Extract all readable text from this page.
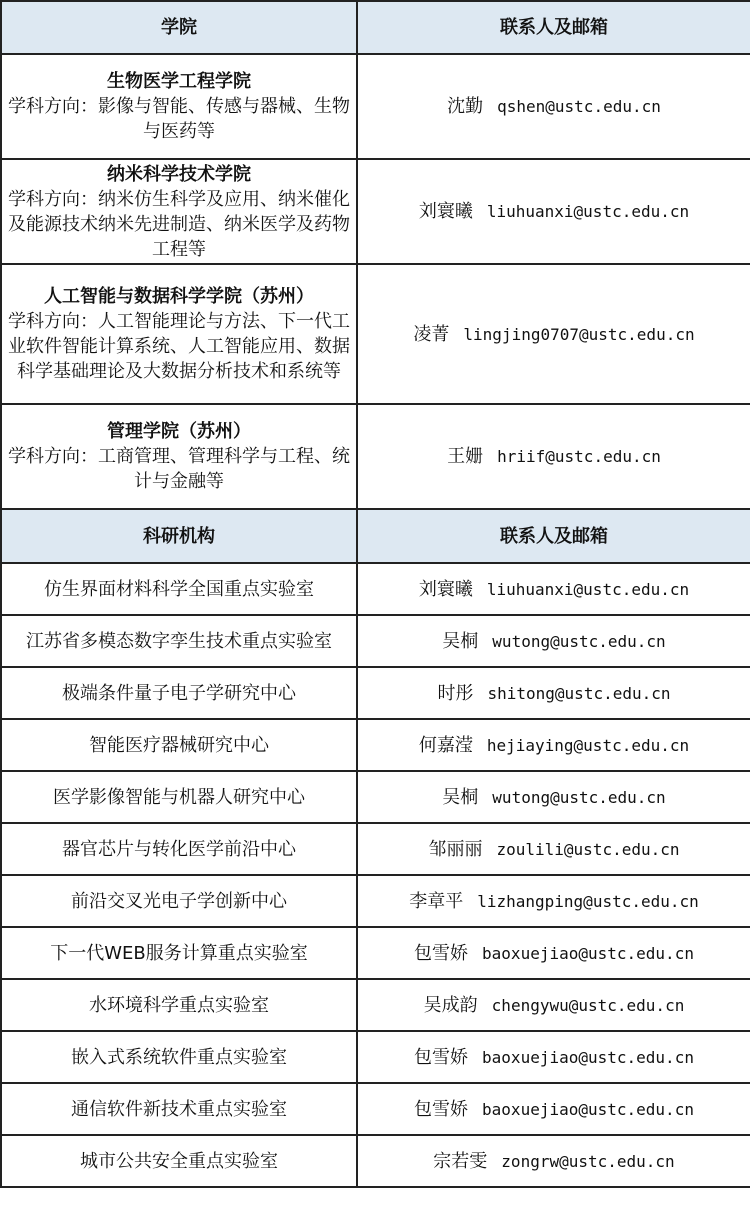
学院	联系人及邮箱

生物医学工程学院
学科方向：影像与智能、传感与器械、生物与医药等	沈勤 qshen@ustc.edu.cn

纳米科学技术学院
学科方向：纳米仿生科学及应用、纳米催化及能源技术纳米先进制造、纳米医学及药物工程等	刘寰曦 liuhuanxi@ustc.edu.cn

人工智能与数据科学学院（苏州）
学科方向：人工智能理论与方法、下一代工业软件智能计算系统、人工智能应用、数据科学基础理论及大数据分析技术和系统等	凌菁 lingjing0707@ustc.edu.cn

管理学院（苏州）
学科方向：工商管理、管理科学与工程、统计与金融等	王姗 hriif@ustc.edu.cn
科研机构	联系人及邮箱
仿生界面材料科学全国重点实验室	刘寰曦 liuhuanxi@ustc.edu.cn
江苏省多模态数字孪生技术重点实验室	吴桐 wutong@ustc.edu.cn
极端条件量子电子学研究中心	时彤 shitong@ustc.edu.cn
智能医疗器械研究中心	何嘉滢 hejiaying@ustc.edu.cn
医学影像智能与机器人研究中心	吴桐 wutong@ustc.edu.cn
器官芯片与转化医学前沿中心	邹丽丽 zoulili@ustc.edu.cn
前沿交叉光电子学创新中心	李章平 lizhangping@ustc.edu.cn
下一代WEB服务计算重点实验室	包雪娇 baoxuejiao@ustc.edu.cn
水环境科学重点实验室	吴成韵 chengywu@ustc.edu.cn
嵌入式系统软件重点实验室	包雪娇 baoxuejiao@ustc.edu.cn
通信软件新技术重点实验室	包雪娇 baoxuejiao@ustc.edu.cn
城市公共安全重点实验室	宗若雯 zongrw@ustc.edu.cn
